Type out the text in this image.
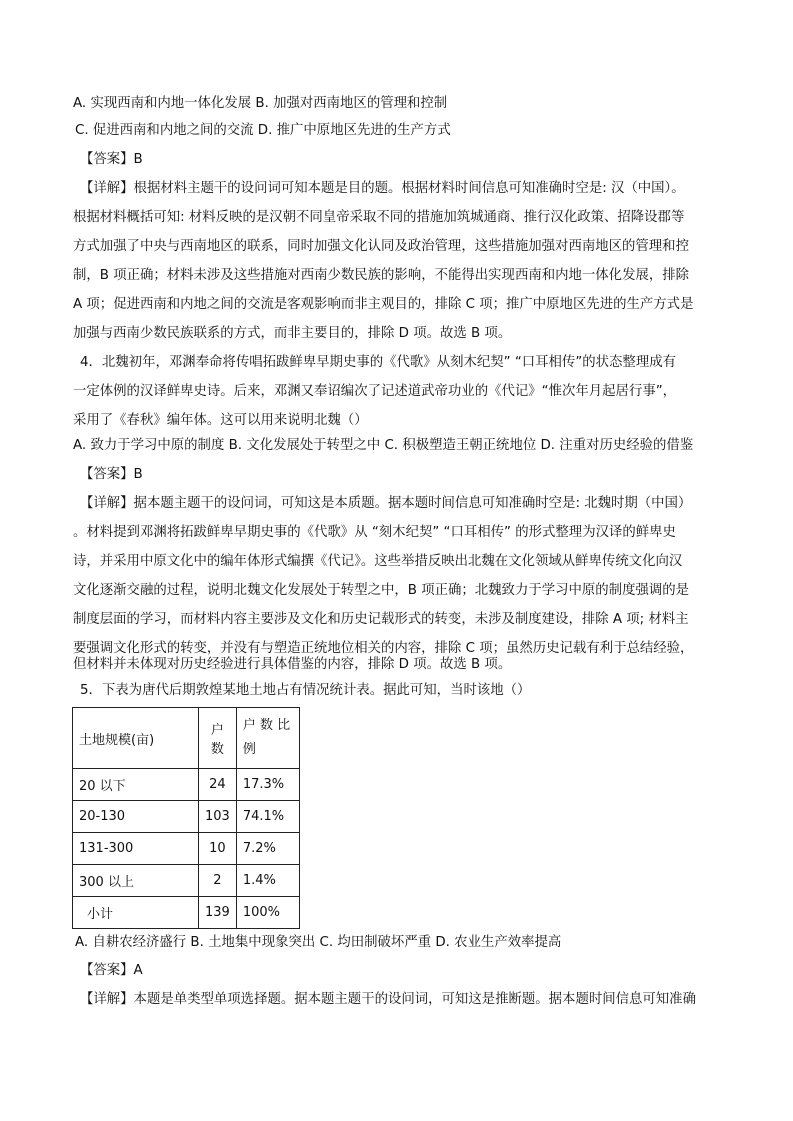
A. 实现西南和内地一体化发展 B. 加强对西南地区的管理和控制
C. 促进西南和内地之间的交流 D. 推广中原地区先进的生产方式
【答案】B
【详解】根据材料主题干的设问词可知本题是目的题。根据材料时间信息可知准确时空是: 汉（中国）。
根据材料概括可知: 材料反映的是汉朝不同皇帝采取不同的措施加筑城通商、推行汉化政策、招降设郡等
方式加强了中央与西南地区的联系，同时加强文化认同及政治管理，这些措施加强对西南地区的管理和控
制，B 项正确；材料未涉及这些措施对西南少数民族的影响，不能得出实现西南和内地一体化发展，排除
A 项；促进西南和内地之间的交流是客观影响而非主观目的，排除 C 项；推广中原地区先进的生产方式是
加强与西南少数民族联系的方式，而非主要目的，排除 D 项。故选 B 项。
4．北魏初年，邓渊奉命将传唱拓跋鲜卑早期史事的《代歌》从刻木纪契” “口耳相传”的状态整理成有
一定体例的汉译鲜卑史诗。后来，邓渊又奉诏编次了记述道武帝功业的《代记》“惟次年月起居行事”，
采用了《春秋》编年体。这可以用来说明北魏（）
A. 致力于学习中原的制度 B. 文化发展处于转型之中 C. 积极塑造王朝正统地位 D. 注重对历史经验的借鉴
【答案】B
【详解】据本题主题干的设问词，可知这是本质题。据本题时间信息可知准确时空是: 北魏时期（中国）
。材料提到邓渊将拓跋鲜卑早期史事的《代歌》从 “刻木纪契” “口耳相传” 的形式整理为汉译的鲜卑史
诗，并采用中原文化中的编年体形式编撰《代记》。这些举措反映出北魏在文化领域从鲜卑传统文化向汉
文化逐渐交融的过程，说明北魏文化发展处于转型之中，B 项正确；北魏致力于学习中原的制度强调的是
制度层面的学习，而材料内容主要涉及文化和历史记载形式的转变，未涉及制度建设，排除 A 项; 材料主
要强调文化形式的转变，并没有与塑造正统地位相关的内容，排除 C 项；虽然历史记载有利于总结经验，
但材料并未体现对历史经验进行具体借鉴的内容，排除 D 项。故选 B 项。
5．下表为唐代后期敦煌某地土地占有情况统计表。据此可知，当时该地（）
土地规模(亩)	户数	户 数 比 例
20 以下	24	17.3%
20-130	103	74.1%
131-300	10	7.2%
300 以上	2	1.4%
小计	139	100%
A. 自耕农经济盛行 B. 土地集中现象突出 C. 均田制破坏严重 D. 农业生产效率提高
【答案】A
【详解】本题是单类型单项选择题。据本题主题干的设问词，可知这是推断题。据本题时间信息可知准确
